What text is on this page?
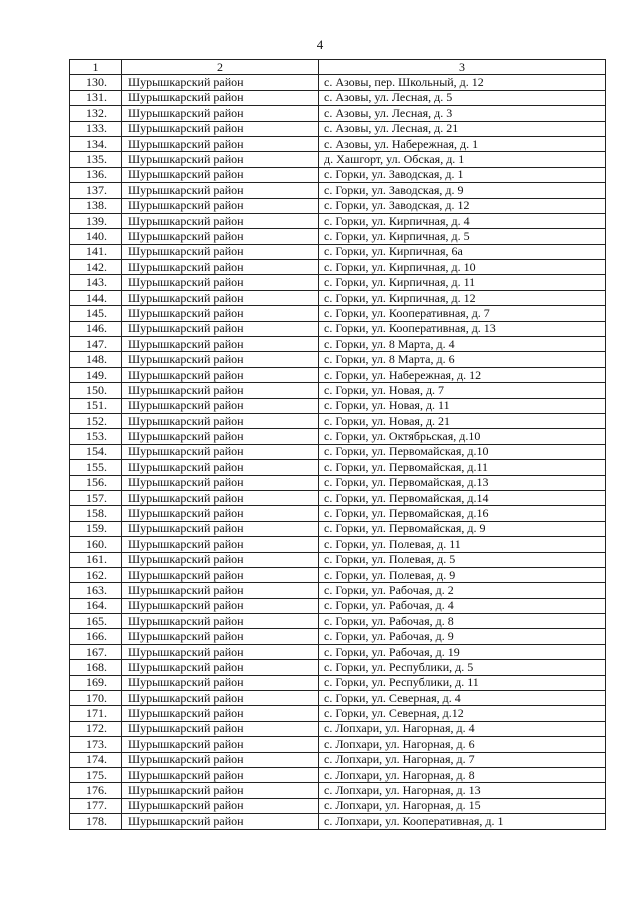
4
1	2	3
130.	Шурышкарский район	с. Азовы, пер. Школьный, д. 12
131.	Шурышкарский район	с. Азовы, ул. Лесная, д. 5
132.	Шурышкарский район	с. Азовы, ул. Лесная, д. 3
133.	Шурышкарский район	с. Азовы, ул. Лесная, д. 21
134.	Шурышкарский район	с. Азовы, ул. Набережная, д. 1
135.	Шурышкарский район	д. Хашгорт, ул. Обская, д. 1
136.	Шурышкарский район	с. Горки, ул. Заводская, д. 1
137.	Шурышкарский район	с. Горки, ул. Заводская, д. 9
138.	Шурышкарский район	с. Горки, ул. Заводская, д. 12
139.	Шурышкарский район	с. Горки, ул. Кирпичная, д. 4
140.	Шурышкарский район	с. Горки, ул. Кирпичная, д. 5
141.	Шурышкарский район	с. Горки, ул. Кирпичная, 6а
142.	Шурышкарский район	с. Горки, ул. Кирпичная, д. 10
143.	Шурышкарский район	с. Горки, ул. Кирпичная, д. 11
144.	Шурышкарский район	с. Горки, ул. Кирпичная, д. 12
145.	Шурышкарский район	с. Горки, ул. Кооперативная, д. 7
146.	Шурышкарский район	с. Горки, ул. Кооперативная, д. 13
147.	Шурышкарский район	с. Горки, ул. 8 Марта, д. 4
148.	Шурышкарский район	с. Горки, ул. 8 Марта, д. 6
149.	Шурышкарский район	с. Горки, ул. Набережная, д. 12
150.	Шурышкарский район	с. Горки, ул. Новая, д. 7
151.	Шурышкарский район	с. Горки, ул. Новая, д. 11
152.	Шурышкарский район	с. Горки, ул. Новая, д. 21
153.	Шурышкарский район	с. Горки, ул. Октябрьская, д.10
154.	Шурышкарский район	с. Горки, ул. Первомайская, д.10
155.	Шурышкарский район	с. Горки, ул. Первомайская, д.11
156.	Шурышкарский район	с. Горки, ул. Первомайская, д.13
157.	Шурышкарский район	с. Горки, ул. Первомайская, д.14
158.	Шурышкарский район	с. Горки, ул. Первомайская, д.16
159.	Шурышкарский район	с. Горки, ул. Первомайская, д. 9
160.	Шурышкарский район	с. Горки, ул. Полевая, д. 11
161.	Шурышкарский район	с. Горки, ул. Полевая, д. 5
162.	Шурышкарский район	с. Горки, ул. Полевая, д. 9
163.	Шурышкарский район	с. Горки, ул. Рабочая, д. 2
164.	Шурышкарский район	с. Горки, ул. Рабочая, д. 4
165.	Шурышкарский район	с. Горки, ул. Рабочая, д. 8
166.	Шурышкарский район	с. Горки, ул. Рабочая, д. 9
167.	Шурышкарский район	с. Горки, ул. Рабочая, д. 19
168.	Шурышкарский район	с. Горки, ул. Республики, д. 5
169.	Шурышкарский район	с. Горки, ул. Республики, д. 11
170.	Шурышкарский район	с. Горки, ул. Северная, д. 4
171.	Шурышкарский район	с. Горки, ул. Северная, д.12
172.	Шурышкарский район	с. Лопхари, ул. Нагорная, д. 4
173.	Шурышкарский район	с. Лопхари, ул. Нагорная, д. 6
174.	Шурышкарский район	с. Лопхари, ул. Нагорная, д. 7
175.	Шурышкарский район	с. Лопхари, ул. Нагорная, д. 8
176.	Шурышкарский район	с. Лопхари, ул. Нагорная, д. 13
177.	Шурышкарский район	с. Лопхари, ул. Нагорная, д. 15
178.	Шурышкарский район	с. Лопхари, ул. Кооперативная, д. 1
